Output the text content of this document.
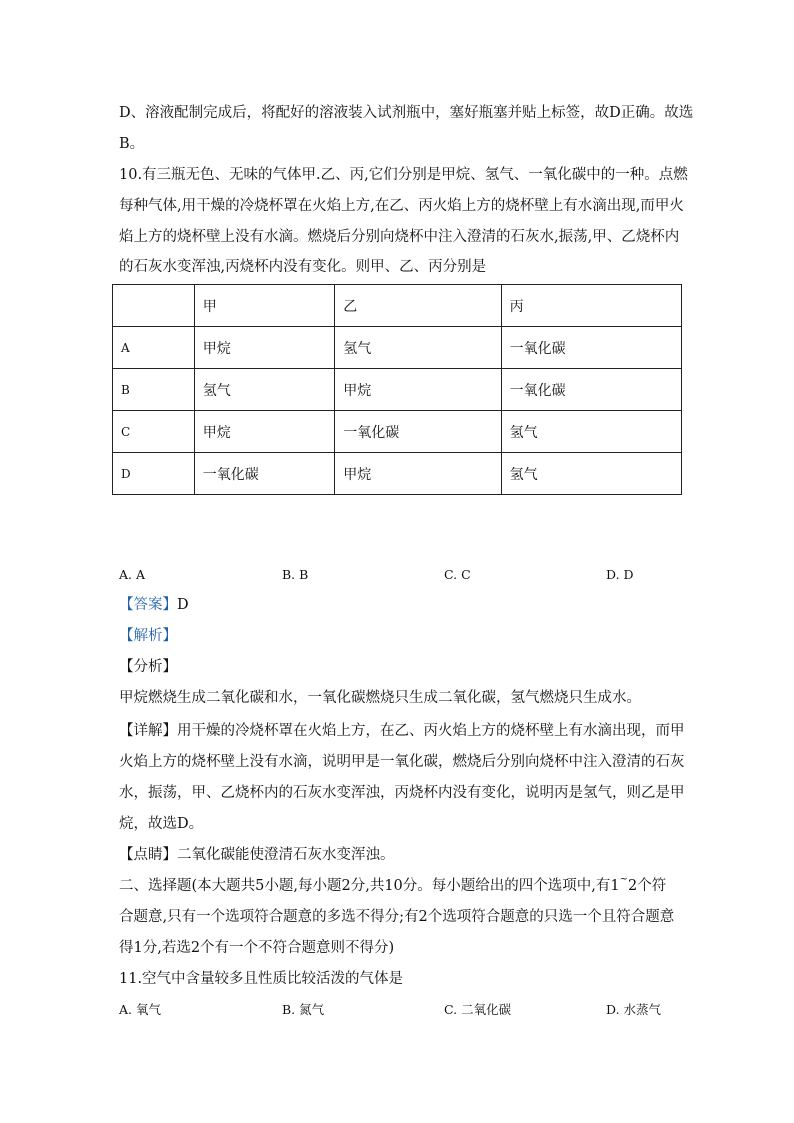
D、溶液配制完成后，将配好的溶液装入试剂瓶中，塞好瓶塞并贴上标签，故D正确。故选
B。
10.有三瓶无色、无味的气体甲.乙、丙,它们分别是甲烷、氢气、一氧化碳中的一种。点燃
每种气体,用干燥的冷烧杯罩在火焰上方,在乙、丙火焰上方的烧杯壁上有水滴出现,而甲火
焰上方的烧杯壁上没有水滴。燃烧后分别向烧杯中注入澄清的石灰水,振荡,甲、乙烧杯内
的石灰水变浑浊,丙烧杯内没有变化。则甲、乙、丙分别是
	甲	乙	丙
A	甲烷	氢气	一氧化碳
B	氢气	甲烷	一氧化碳
C	甲烷	一氧化碳	氢气
D	一氧化碳	甲烷	氢气
A. A	B. B	C. C	D. D
【答案】D
【解析】
【分析】
甲烷燃烧生成二氧化碳和水，一氧化碳燃烧只生成二氧化碳，氢气燃烧只生成水。
【详解】用干燥的冷烧杯罩在火焰上方，在乙、丙火焰上方的烧杯壁上有水滴出现，而甲
火焰上方的烧杯壁上没有水滴，说明甲是一氧化碳，燃烧后分别向烧杯中注入澄清的石灰
水，振荡，甲、乙烧杯内的石灰水变浑浊，丙烧杯内没有变化，说明丙是氢气，则乙是甲
烷，故选D。
【点睛】二氧化碳能使澄清石灰水变浑浊。
二、选择题(本大题共5小题,每小题2分,共10分。每小题给出的四个选项中,有1~2个符
合题意,只有一个选项符合题意的多选不得分;有2个选项符合题意的只选一个且符合题意
得1分,若选2个有一个不符合题意则不得分)
11.空气中含量较多且性质比较活泼的气体是
A. 氧气	B. 氮气	C. 二氧化碳	D. 水蒸气
